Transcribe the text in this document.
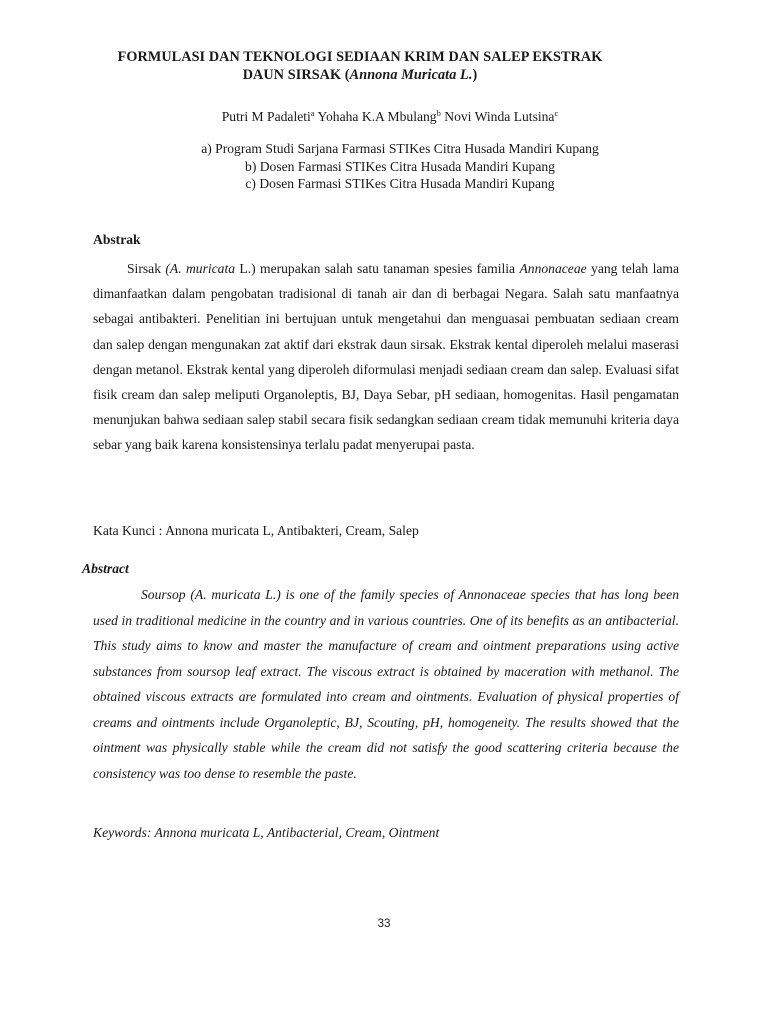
FORMULASI DAN TEKNOLOGI SEDIAAN KRIM DAN SALEP EKSTRAK
DAUN SIRSAK (Annona Muricata L.)
Putri M Padaleti$^a$ Yohaha K.A Mbulang$^b$ Novi Winda Lutsina$^c$
a) Program Studi Sarjana Farmasi STIKes Citra Husada Mandiri Kupang
b) Dosen Farmasi STIKes Citra Husada Mandiri Kupang
c) Dosen Farmasi STIKes Citra Husada Mandiri Kupang
Abstrak

Sirsak (A. muricata L.) merupakan salah satu tanaman spesies familia Annonaceae yang telah lama dimanfaatkan dalam pengobatan tradisional di tanah air dan di berbagai Negara. Salah satu manfaatnya sebagai antibakteri. Penelitian ini bertujuan untuk mengetahui dan menguasai pembuatan sediaan cream dan salep dengan mengunakan zat aktif dari ekstrak daun sirsak. Ekstrak kental diperoleh melalui maserasi dengan metanol. Ekstrak kental yang diperoleh diformulasi menjadi sediaan cream dan salep. Evaluasi sifat fisik cream dan salep meliputi Organoleptis, BJ, Daya Sebar, pH sediaan, homogenitas. Hasil pengamatan menunjukan bahwa sediaan salep stabil secara fisik sedangkan sediaan cream tidak memunuhi kriteria daya sebar yang baik karena konsistensinya terlalu padat menyerupai pasta.

Kata Kunci : Annona muricata L, Antibakteri, Cream, Salep
Abstract

Soursop (A. muricata L.) is one of the family species of Annonaceae species that has long been used in traditional medicine in the country and in various countries. One of its benefits as an antibacterial. This study aims to know and master the manufacture of cream and ointment preparations using active substances from soursop leaf extract. The viscous extract is obtained by maceration with methanol. The obtained viscous extracts are formulated into cream and ointments. Evaluation of physical properties of creams and ointments include Organoleptic, BJ, Scouting, pH, homogeneity. The results showed that the ointment was physically stable while the cream did not satisfy the good scattering criteria because the consistency was too dense to resemble the paste.

Keywords: Annona muricata L, Antibacterial, Cream, Ointment
33
